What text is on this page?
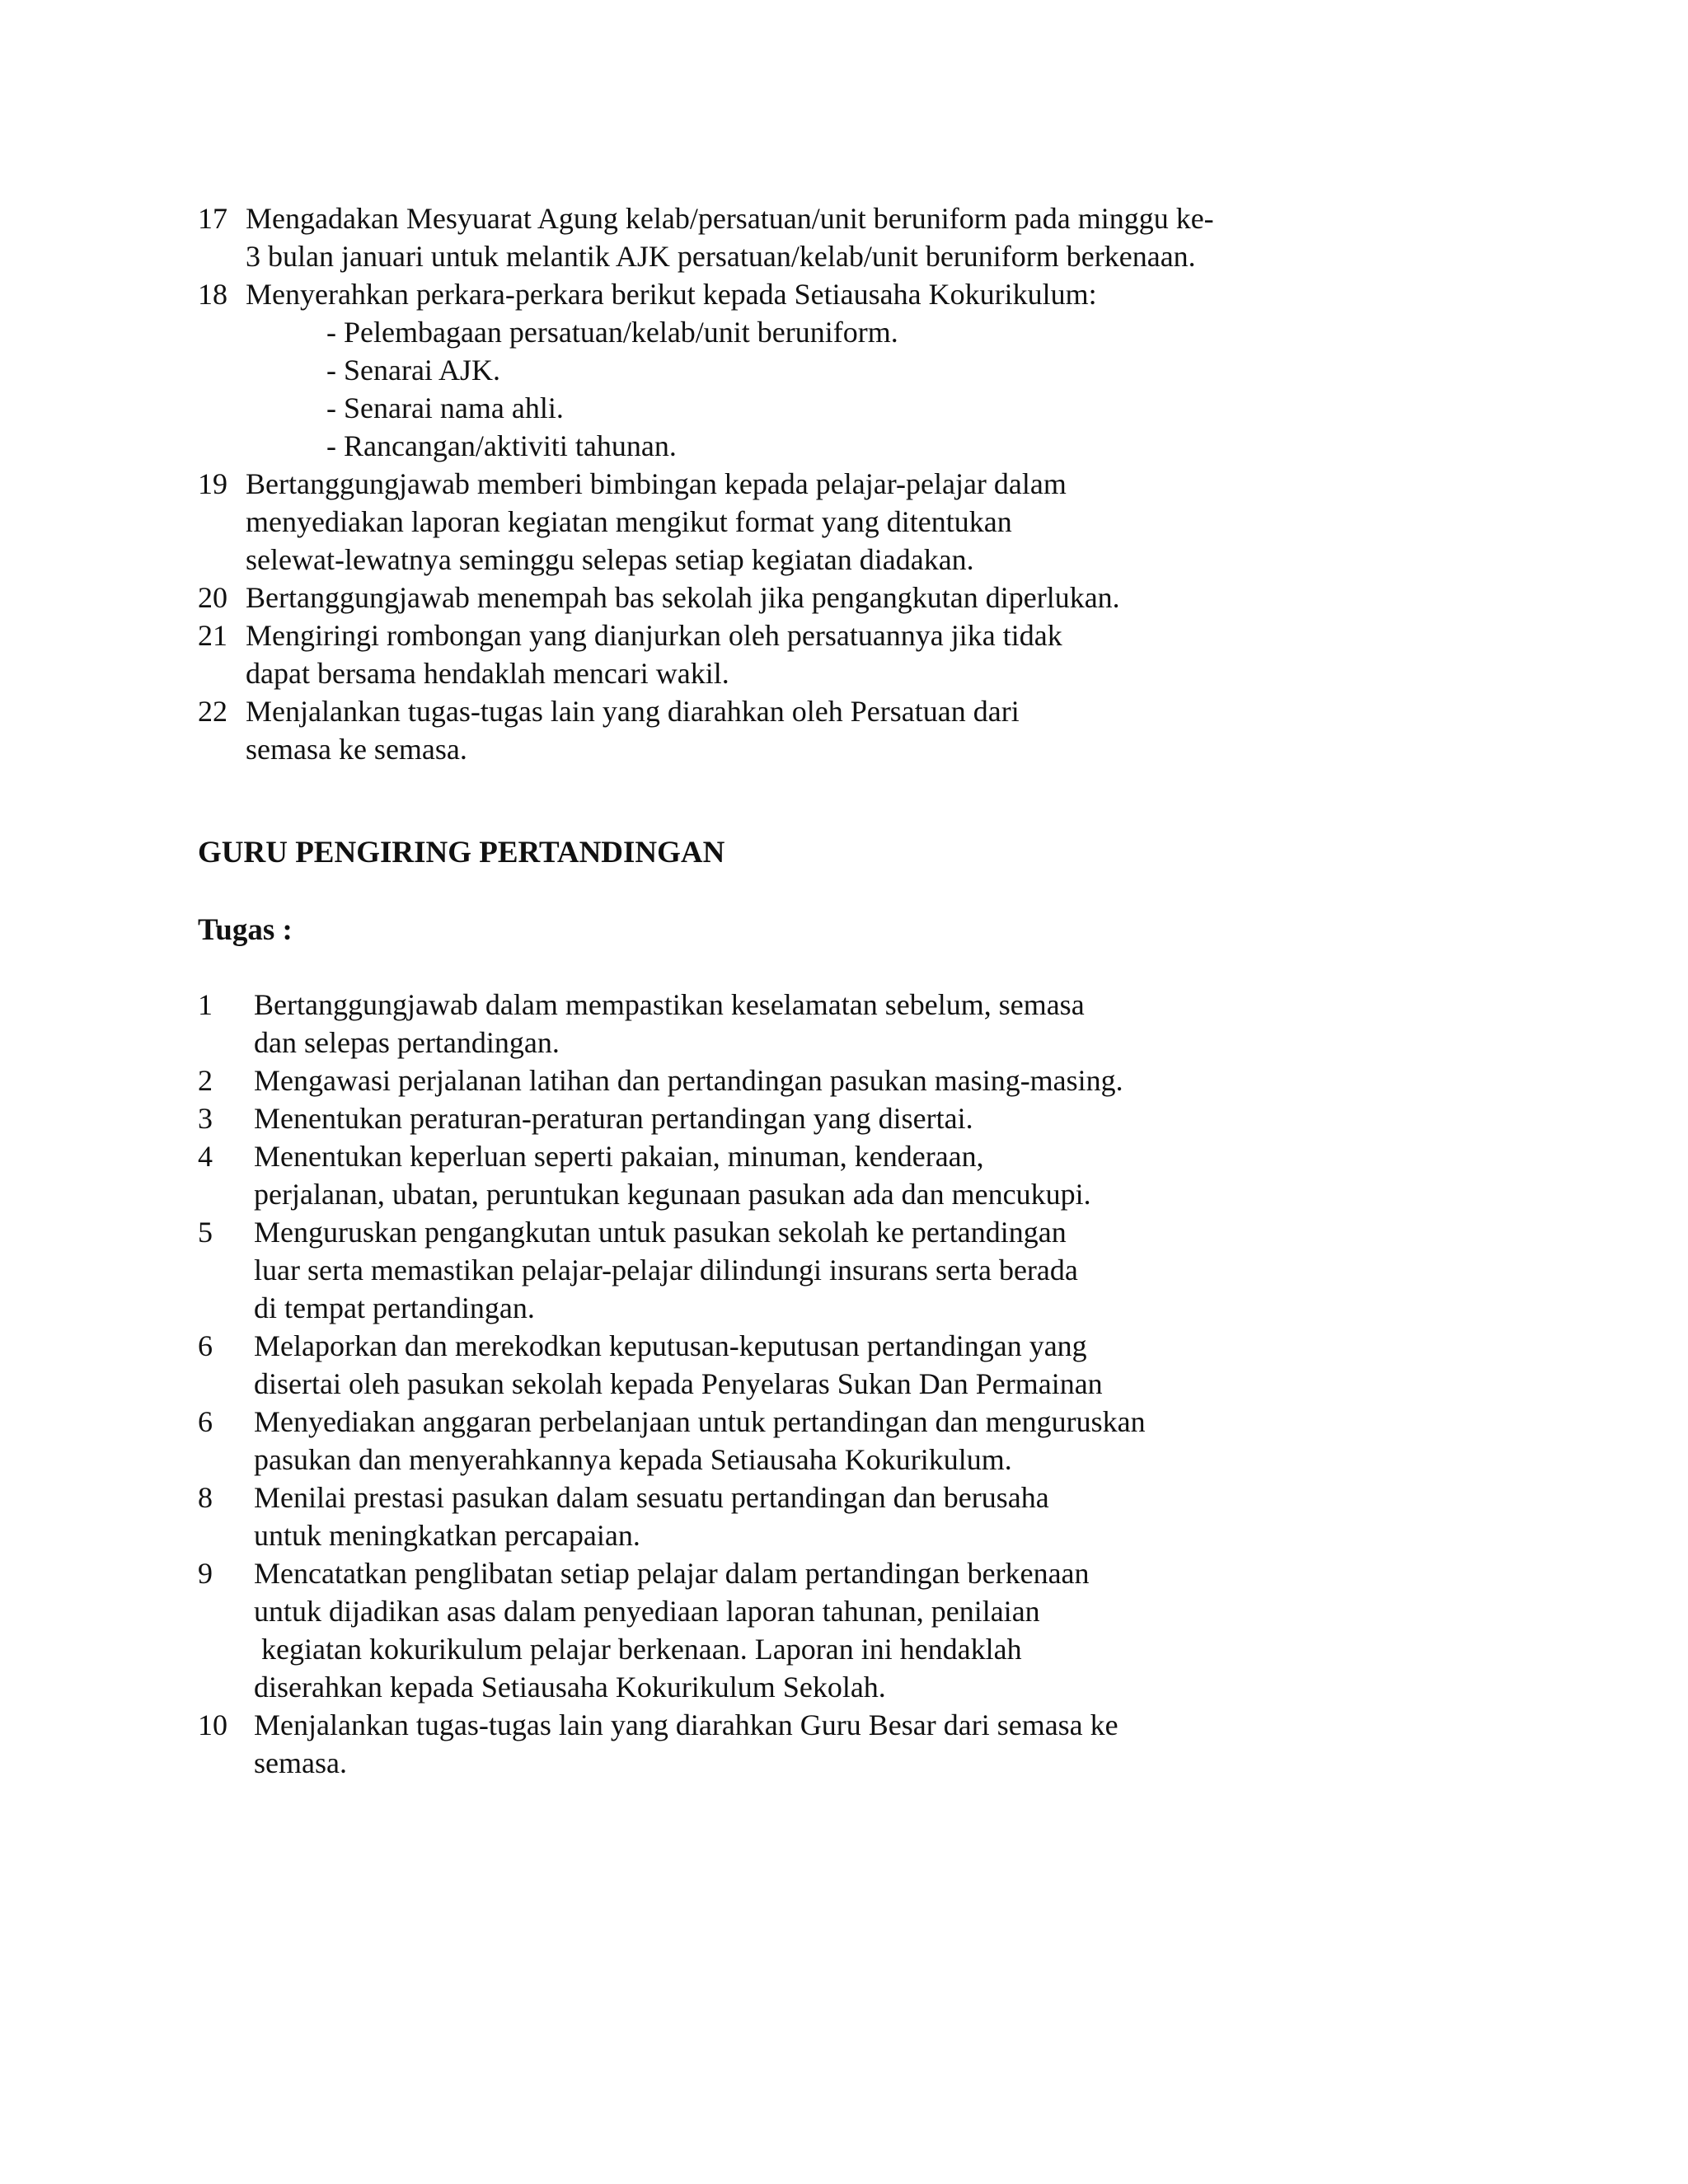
17 Mengadakan Mesyuarat Agung kelab/persatuan/unit beruniform pada minggu ke-
3 bulan januari untuk melantik AJK persatuan/kelab/unit beruniform berkenaan.
18 Menyerahkan perkara-perkara berikut kepada Setiausaha Kokurikulum:
- Pelembagaan persatuan/kelab/unit beruniform.
- Senarai AJK.
- Senarai nama ahli.
- Rancangan/aktiviti tahunan.
19 Bertanggungjawab memberi bimbingan kepada pelajar-pelajar dalam
menyediakan laporan kegiatan mengikut format yang ditentukan
selewat-lewatnya seminggu selepas setiap kegiatan diadakan.
20 Bertanggungjawab menempah bas sekolah jika pengangkutan diperlukan.
21 Mengiringi rombongan yang dianjurkan oleh persatuannya jika tidak
dapat bersama hendaklah mencari wakil.
22 Menjalankan tugas-tugas lain yang diarahkan oleh Persatuan dari
semasa ke semasa.
GURU PENGIRING PERTANDINGAN
Tugas :
1 Bertanggungjawab dalam mempastikan keselamatan sebelum, semasa
dan selepas pertandingan.
2 Mengawasi perjalanan latihan dan pertandingan pasukan masing-masing.
3 Menentukan peraturan-peraturan pertandingan yang disertai.
4 Menentukan keperluan seperti pakaian, minuman, kenderaan,
perjalanan, ubatan, peruntukan kegunaan pasukan ada dan mencukupi.
5 Menguruskan pengangkutan untuk pasukan sekolah ke pertandingan
luar serta memastikan pelajar-pelajar dilindungi insurans serta berada
di tempat pertandingan.
6 Melaporkan dan merekodkan keputusan-keputusan pertandingan yang
disertai oleh pasukan sekolah kepada Penyelaras Sukan Dan Permainan
6 Menyediakan anggaran perbelanjaan untuk pertandingan dan menguruskan
pasukan dan menyerahkannya kepada Setiausaha Kokurikulum.
8 Menilai prestasi pasukan dalam sesuatu pertandingan dan berusaha
untuk meningkatkan percapaian.
9 Mencatatkan penglibatan setiap pelajar dalam pertandingan berkenaan
untuk dijadikan asas dalam penyediaan laporan tahunan, penilaian
kegiatan kokurikulum pelajar berkenaan. Laporan ini hendaklah
diserahkan kepada Setiausaha Kokurikulum Sekolah.
10 Menjalankan tugas-tugas lain yang diarahkan Guru Besar dari semasa ke
semasa.
